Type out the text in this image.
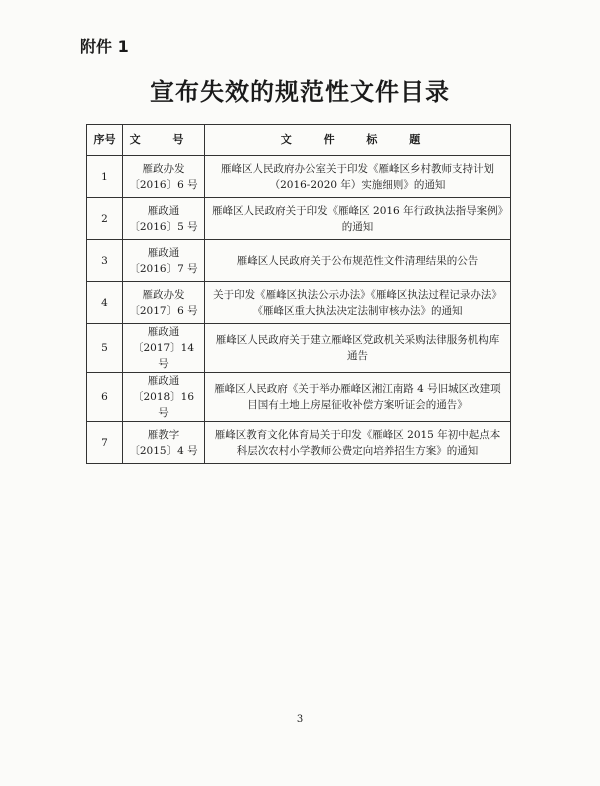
附件 1
宣布失效的规范性文件目录
序号	文 号	文 件 标 题
1	雁政办发〔2016〕6 号	雁峰区人民政府办公室关于印发《雁峰区乡村教师支持计划（2016-2020 年）实施细则》的通知
2	雁政通〔2016〕5 号	雁峰区人民政府关于印发《雁峰区 2016 年行政执法指导案例》的通知
3	雁政通〔2016〕7 号	雁峰区人民政府关于公布规范性文件清理结果的公告
4	雁政办发〔2017〕6 号	关于印发《雁峰区执法公示办法》《雁峰区执法过程记录办法》《雁峰区重大执法决定法制审核办法》的通知
5	雁政通〔2017〕14 号	雁峰区人民政府关于建立雁峰区党政机关采购法律服务机构库通告
6	雁政通〔2018〕16 号	雁峰区人民政府《关于举办雁峰区湘江南路 4 号旧城区改建项目国有土地上房屋征收补偿方案听证会的通告》
7	雁教字〔2015〕4 号	雁峰区教育文化体育局关于印发《雁峰区 2015 年初中起点本科层次农村小学教师公费定向培养招生方案》的通知
3
